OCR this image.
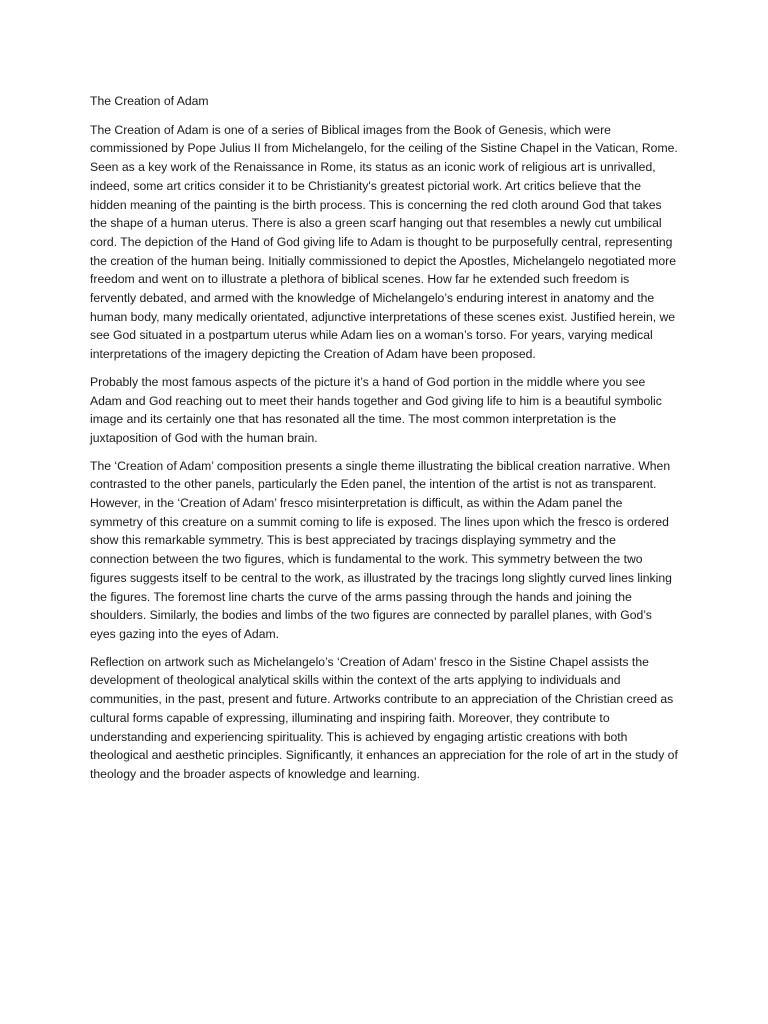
The Creation of Adam

The Creation of Adam is one of a series of Biblical images from the Book of Genesis, which were commissioned by Pope Julius II from Michelangelo, for the ceiling of the Sistine Chapel in the Vatican, Rome. Seen as a key work of the Renaissance in Rome, its status as an iconic work of religious art is unrivalled, indeed, some art critics consider it to be Christianity's greatest pictorial work. Art critics believe that the hidden meaning of the painting is the birth process. This is concerning the red cloth around God that takes the shape of a human uterus. There is also a green scarf hanging out that resembles a newly cut umbilical cord. The depiction of the Hand of God giving life to Adam is thought to be purposefully central, representing the creation of the human being. Initially commissioned to depict the Apostles, Michelangelo negotiated more freedom and went on to illustrate a plethora of biblical scenes. How far he extended such freedom is fervently debated, and armed with the knowledge of Michelangelo’s enduring interest in anatomy and the human body, many medically orientated, adjunctive interpretations of these scenes exist. Justified herein, we see God situated in a postpartum uterus while Adam lies on a woman’s torso. For years, varying medical interpretations of the imagery depicting the Creation of Adam have been proposed.

Probably the most famous aspects of the picture it’s a hand of God portion in the middle where you see Adam and God reaching out to meet their hands together and God giving life to him is a beautiful symbolic image and its certainly one that has resonated all the time. The most common interpretation is the juxtaposition of God with the human brain.

The ‘Creation of Adam’ composition presents a single theme illustrating the biblical creation narrative. When contrasted to the other panels, particularly the Eden panel, the intention of the artist is not as transparent. However, in the ‘Creation of Adam’ fresco misinterpretation is difficult, as within the Adam panel the symmetry of this creature on a summit coming to life is exposed. The lines upon which the fresco is ordered show this remarkable symmetry. This is best appreciated by tracings displaying symmetry and the connection between the two figures, which is fundamental to the work. This symmetry between the two figures suggests itself to be central to the work, as illustrated by the tracings long slightly curved lines linking the figures. The foremost line charts the curve of the arms passing through the hands and joining the shoulders. Similarly, the bodies and limbs of the two figures are connected by parallel planes, with God’s eyes gazing into the eyes of Adam.

Reflection on artwork such as Michelangelo’s ‘Creation of Adam’ fresco in the Sistine Chapel assists the development of theological analytical skills within the context of the arts applying to individuals and communities, in the past, present and future. Artworks contribute to an appreciation of the Christian creed as cultural forms capable of expressing, illuminating and inspiring faith. Moreover, they contribute to understanding and experiencing spirituality. This is achieved by engaging artistic creations with both theological and aesthetic principles. Significantly, it enhances an appreciation for the role of art in the study of theology and the broader aspects of knowledge and learning.
